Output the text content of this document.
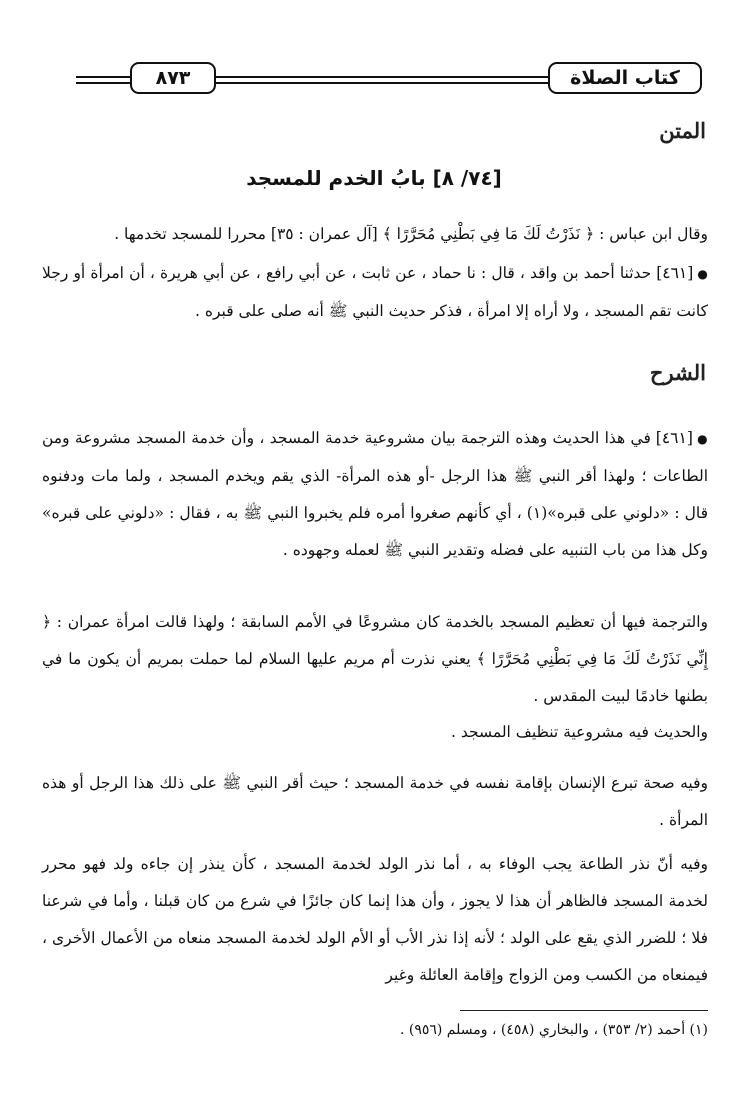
كتاب الصلاة
٨٧٣
المتن
[٧٤/ ٨] بابُ الخدم للمسجد
وقال ابن عباس : ﴿ نَذَرْتُ لَكَ مَا فِي بَطْنِي مُحَرَّرًا ﴾ [آل عمران : ٣٥] محررا للمسجد تخدمها .
● [٤٦١] حدثنا أحمد بن واقد ، قال : نا حماد ، عن ثابت ، عن أبي رافع ، عن أبي هريرة ، أن امرأة أو رجلا كانت تقم المسجد ، ولا أراه إلا امرأة ، فذكر حديث النبي ﷺ أنه صلى على قبره .
الشرح
● [٤٦١] في هذا الحديث وهذه الترجمة بيان مشروعية خدمة المسجد ، وأن خدمة المسجد مشروعة ومن الطاعات ؛ ولهذا أقر النبي ﷺ هذا الرجل -أو هذه المرأة- الذي يقم ويخدم المسجد ، ولما مات ودفنوه قال : «دلوني على قبره»(١) ، أي كأنهم صغروا أمره فلم يخبروا النبي ﷺ به ، فقال : «دلوني على قبره» وكل هذا من باب التنبيه على فضله وتقدير النبي ﷺ لعمله وجهوده .
والترجمة فيها أن تعظيم المسجد بالخدمة كان مشروعًا في الأمم السابقة ؛ ولهذا قالت امرأة عمران : ﴿ إِنِّي نَذَرْتُ لَكَ مَا فِي بَطْنِي مُحَرَّرًا ﴾ يعني نذرت أم مريم عليها السلام لما حملت بمريم أن يكون ما في بطنها خادمًا لبيت المقدس .
والحديث فيه مشروعية تنظيف المسجد .
وفيه صحة تبرع الإنسان بإقامة نفسه في خدمة المسجد ؛ حيث أقر النبي ﷺ على ذلك هذا الرجل أو هذه المرأة .
وفيه أنّ نذر الطاعة يجب الوفاء به ، أما نذر الولد لخدمة المسجد ، كأن ينذر إن جاءه ولد فهو محرر لخدمة المسجد فالظاهر أن هذا لا يجوز ، وأن هذا إنما كان جائزًا في شرع من كان قبلنا ، وأما في شرعنا فلا ؛ للضرر الذي يقع على الولد ؛ لأنه إذا نذر الأب أو الأم الولد لخدمة المسجد منعاه من الأعمال الأخرى ، فيمنعاه من الكسب ومن الزواج وإقامة العائلة وغير
(١) أحمد (٢/ ٣٥٣) ، والبخاري (٤٥٨) ، ومسلم (٩٥٦) .
